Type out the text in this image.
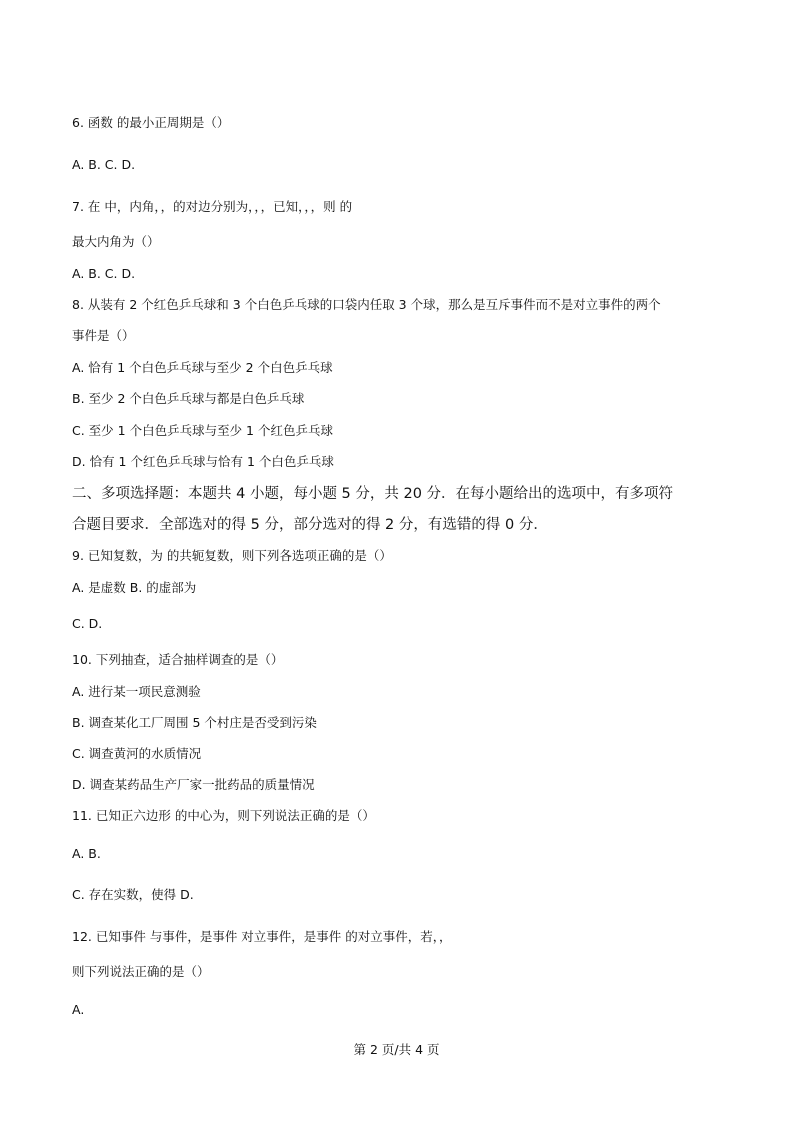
6. 函数 的最小正周期是（）
A. B. C. D.
7. 在 中，内角，，的对边分别为，，，已知，，，则 的
最大内角为（）
A. B. C. D.
8. 从装有 2 个红色乒乓球和 3 个白色乒乓球的口袋内任取 3 个球，那么是互斥事件而不是对立事件的两个
事件是（）
A. 恰有 1 个白色乒乓球与至少 2 个白色乒乓球
B. 至少 2 个白色乒乓球与都是白色乒乓球
C. 至少 1 个白色乒乓球与至少 1 个红色乒乓球
D. 恰有 1 个红色乒乓球与恰有 1 个白色乒乓球
二、多项选择题：本题共 4 小题，每小题 5 分，共 20 分．在每小题给出的选项中，有多项符
合题目要求．全部选对的得 5 分，部分选对的得 2 分，有选错的得 0 分．
9. 已知复数，为 的共轭复数，则下列各选项正确的是（）
A. 是虚数 B. 的虚部为
C. D.
10. 下列抽查，适合抽样调查的是（）
A. 进行某一项民意测验
B. 调查某化工厂周围 5 个村庄是否受到污染
C. 调查黄河的水质情况
D. 调查某药品生产厂家一批药品的质量情况
11. 已知正六边形 的中心为，则下列说法正确的是（）
A. B.
C. 存在实数，使得 D.
12. 已知事件 与事件，是事件 对立事件，是事件 的对立事件，若，，
则下列说法正确的是（）
A.
第 2 页/共 4 页
